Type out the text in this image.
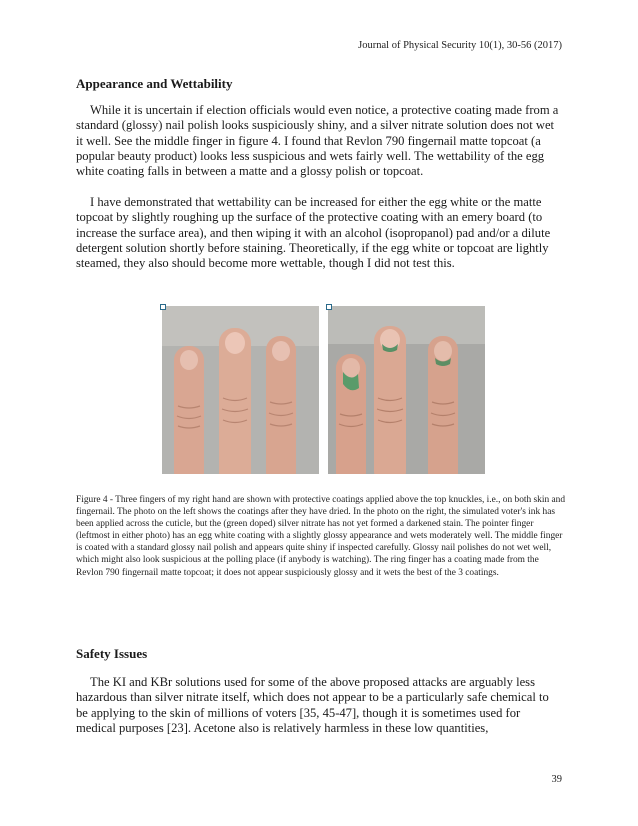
Journal of Physical Security 10(1), 30-56 (2017)
Appearance and Wettability

While it is uncertain if election officials would even notice, a protective coating made from a standard (glossy) nail polish looks suspiciously shiny, and a silver nitrate solution does not wet it well. See the middle finger in figure 4. I found that Revlon 790 fingernail matte topcoat (a popular beauty product) looks less suspicious and wets fairly well. The wettability of the egg white coating falls in between a matte and a glossy polish or topcoat.

I have demonstrated that wettability can be increased for either the egg white or the matte topcoat by slightly roughing up the surface of the protective coating with an emery board (to increase the surface area), and then wiping it with an alcohol (isopropanol) pad and/or a dilute detergent solution shortly before staining. Theoretically, if the egg white or topcoat are lightly steamed, they also should become more wettable, though I did not test this.

Figure 4 - Three fingers of my right hand are shown with protective coatings applied above the top knuckles, i.e., on both skin and fingernail. The photo on the left shows the coatings after they have dried. In the photo on the right, the simulated voter's ink has been applied across the cuticle, but the (green doped) silver nitrate has not yet formed a darkened stain. The pointer finger (leftmost in either photo) has an egg white coating with a slightly glossy appearance and wets moderately well. The middle finger is coated with a standard glossy nail polish and appears quite shiny if inspected carefully. Glossy nail polishes do not wet well, which might also look suspicious at the polling place (if anybody is watching). The ring finger has a coating made from the Revlon 790 fingernail matte topcoat; it does not appear suspiciously glossy and it wets the best of the 3 coatings.

Safety Issues

The KI and KBr solutions used for some of the above proposed attacks are arguably less hazardous than silver nitrate itself, which does not appear to be a particularly safe chemical to be applying to the skin of millions of voters [35, 45-47], though it is sometimes used for medical purposes [23]. Acetone also is relatively harmless in these low quantities,

39
